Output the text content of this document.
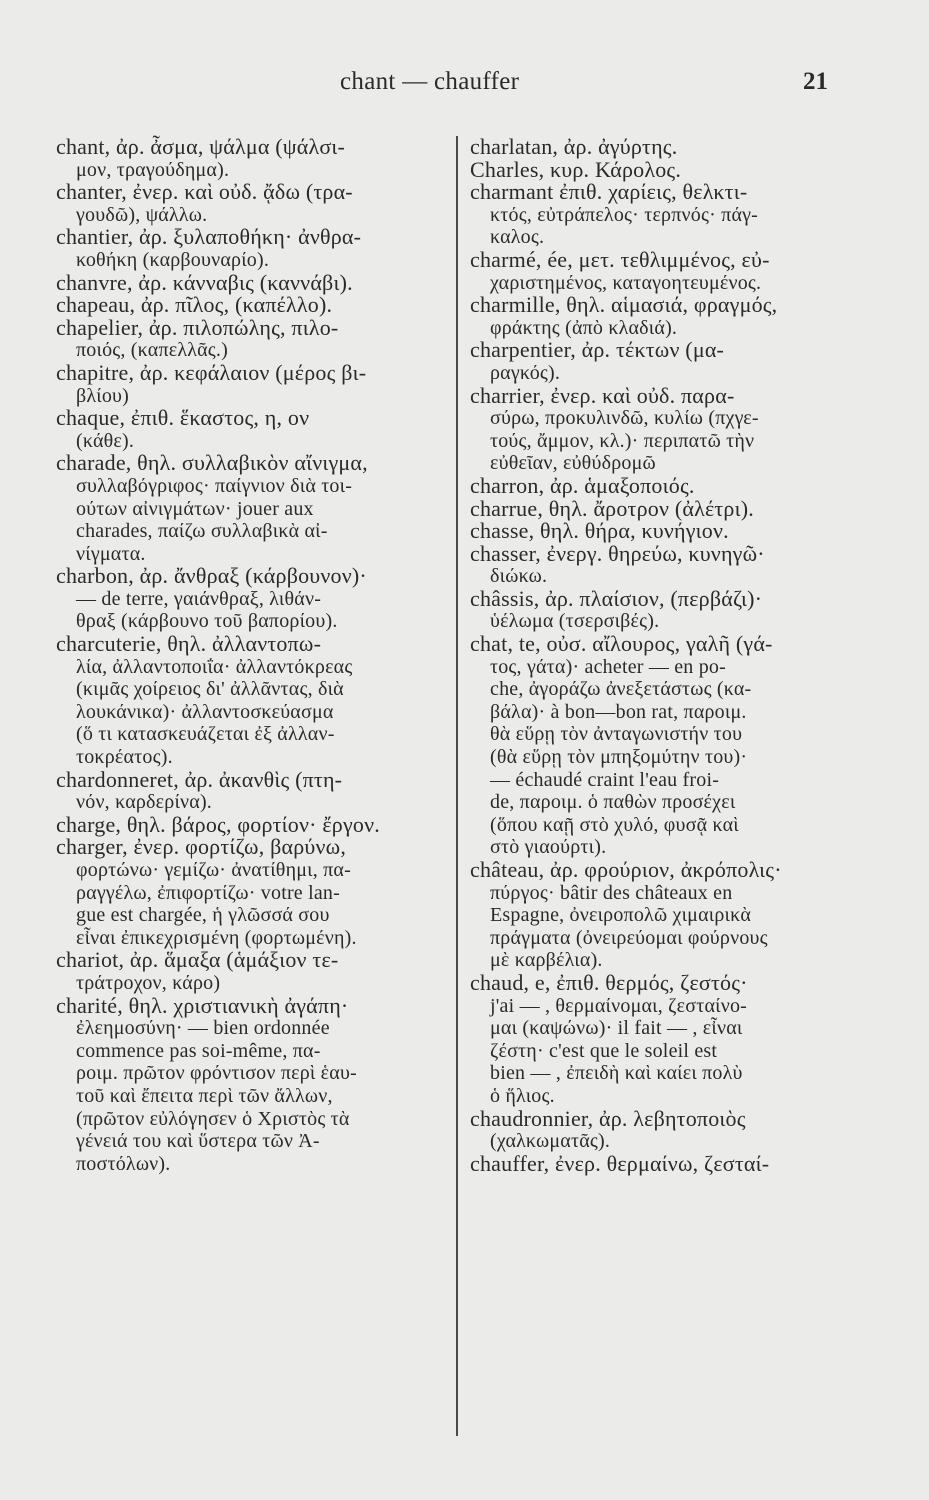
chant — chauffer	21
chant, ἀρ. ἆσμα, ψάλμα (ψάλσι-
μον, τραγούδημα).
chanter, ἐνερ. καὶ οὐδ. ᾄδω (τρα-
γουδῶ), ψάλλω.
chantier, ἀρ. ξυλαποθήκη· ἀνθρα-
κοθήκη (καρβουναρίο).
chanvre, ἀρ. κάνναβις (καννάβι).
chapeau, ἀρ. πῖλος, (καπέλλο).
chapelier, ἀρ. πιλοπώλης, πιλο-
ποιός, (καπελλᾶς.)
chapitre, ἀρ. κεφάλαιον (μέρος βι-
βλίου)
chaque, ἐπιθ. ἕκαστος, η, ον
(κάθε).
charade, θηλ. συλλαβικὸν αἴνιγμα,
συλλαβόγριφος· παίγνιον διὰ τοι-
ούτων αἰνιγμάτων· jouer aux
charades, παίζω συλλαβικὰ αἰ-
νίγματα.
charbon, ἀρ. ἄνθραξ (κάρβουνον)·
— de terre, γαιάνθραξ, λιθάν-
θραξ (κάρβουνο τοῦ βαπορίου).
charcuterie, θηλ. ἀλλαντοπω-
λία, ἀλλαντοποιΐα· ἀλλαντόκρεας
(κιμᾶς χοίρειος δι' ἀλλᾶντας, διὰ
λουκάνικα)· ἀλλαντοσκεύασμα
(ὅ τι κατασκευάζεται ἐξ ἀλλαν-
τοκρέατος).
chardonneret, ἀρ. ἀκανθὶς (πτη-
νόν, καρδερίνα).
charge, θηλ. βάρος, φορτίον· ἔργον.
charger, ἐνερ. φορτίζω, βαρύνω,
φορτώνω· γεμίζω· ἀνατίθημι, πα-
ραγγέλω, ἐπιφορτίζω· votre lan-
gue est chargée, ἡ γλῶσσά σου
εἶναι ἐπικεχρισμένη (φορτωμένη).
chariot, ἀρ. ἅμαξα (ἁμάξιον τε-
τράτροχον, κάρο)
charité, θηλ. χριστιανικὴ ἀγάπη·
ἐλεημοσύνη· — bien ordonnée
commence pas soi-même, πα-
ροιμ. πρῶτον φρόντισον περὶ ἑαυ-
τοῦ καὶ ἔπειτα περὶ τῶν ἄλλων,
(πρῶτον εὐλόγησεν ὁ Χριστὸς τὰ
γένειά του καὶ ὕστερα τῶν Ἀ-
ποστόλων).
charlatan, ἀρ. ἀγύρτης.
Charles, κυρ. Κάρολος.
charmant ἐπιθ. χαρίεις, θελκτι-
κτός, εὐτράπελος· τερπνός· πάγ-
καλος.
charmé, ée, μετ. τεθλιμμένος, εὐ-
χαριστημένος, καταγοητευμένος.
charmille, θηλ. αἱμασιά, φραγμός,
φράκτης (ἀπὸ κλαδιά).
charpentier, ἀρ. τέκτων (μα-
ραγκός).
charrier, ἐνερ. καὶ οὐδ. παρα-
σύρω, προκυλινδῶ, κυλίω (πχγε-
τούς, ἄμμον, κλ.)· περιπατῶ τὴν
εὐθεῖαν, εὐθύδρομῶ
charron, ἀρ. ἁμαξοποιός.
charrue, θηλ. ἄροτρον (ἀλέτρι).
chasse, θηλ. θήρα, κυνήγιον.
chasser, ἐνεργ. θηρεύω, κυνηγῶ·
διώκω.
châssis, ἀρ. πλαίσιον, (περβάζι)·
ὑέλωμα (τσερσιβές).
chat, te, οὐσ. αἴλουρος, γαλῆ (γά-
τος, γάτα)· acheter — en po-
che, ἀγοράζω ἀνεξετάστως (κα-
βάλα)· à bon—bon rat, παροιμ.
θὰ εὕρῃ τὸν ἀνταγωνιστήν του
(θὰ εὕρῃ τὸν μπηξομύτην του)·
— échaudé craint l'eau froi-
de, παροιμ. ὁ παθὼν προσέχει
(ὅπου καῇ στὸ χυλό, φυσᾷ καὶ
στὸ γιαούρτι).
château, ἀρ. φρούριον, ἀκρόπολις·
πύργος· bâtir des châteaux en
Espagne, ὀνειροπολῶ χιμαιρικὰ
πράγματα (ὀνειρεύομαι φούρνους
μὲ καρβέλια).
chaud, e, ἐπιθ. θερμός, ζεστός·
j'ai — , θερμαίνομαι, ζεσταίνο-
μαι (καψώνω)· il fait — , εἶναι
ζέστη· c'est que le soleil est
bien — , ἐπειδὴ καὶ καίει πολὺ
ὁ ἥλιος.
chaudronnier, ἀρ. λεβητοποιὸς
(χαλκωματᾶς).
chauffer, ἐνερ. θερμαίνω, ζεσταί-
